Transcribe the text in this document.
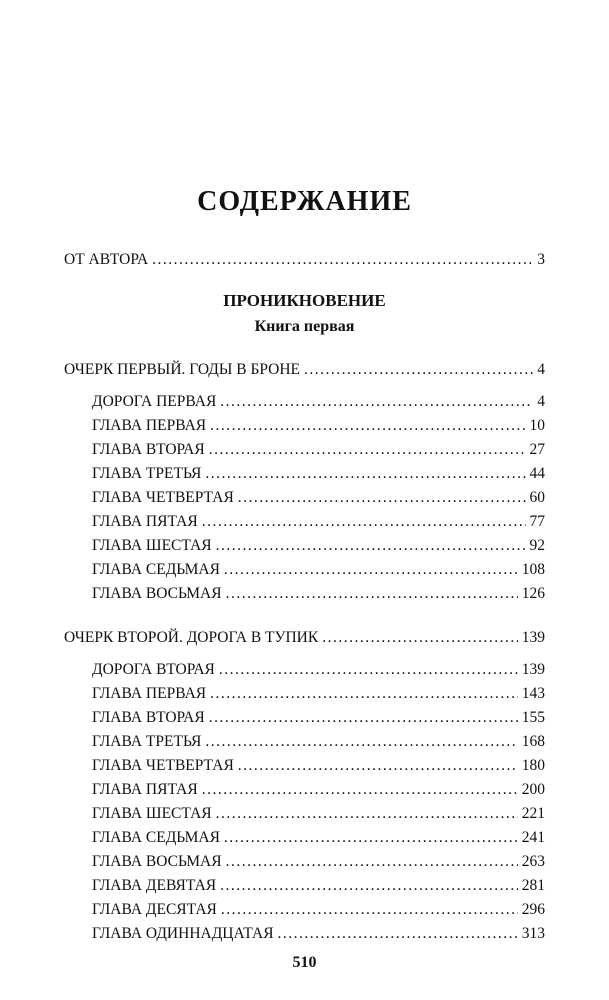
СОДЕРЖАНИЕ
ОТ АВТОРА .....	3
ПРОНИКНОВЕНИЕ
Книга первая
ОЧЕРК ПЕРВЫЙ. ГОДЫ В БРОНЕ .....	4
ДОРОГА ПЕРВАЯ .....	4
ГЛАВА ПЕРВАЯ .....	10
ГЛАВА ВТОРАЯ .....	27
ГЛАВА ТРЕТЬЯ .....	44
ГЛАВА ЧЕТВЕРТАЯ .....	60
ГЛАВА ПЯТАЯ .....	77
ГЛАВА ШЕСТАЯ .....	92
ГЛАВА СЕДЬМАЯ .....	108
ГЛАВА ВОСЬМАЯ .....	126
ОЧЕРК ВТОРОЙ. ДОРОГА В ТУПИК .....	139
ДОРОГА ВТОРАЯ .....	139
ГЛАВА ПЕРВАЯ .....	143
ГЛАВА ВТОРАЯ .....	155
ГЛАВА ТРЕТЬЯ .....	168
ГЛАВА ЧЕТВЕРТАЯ .....	180
ГЛАВА ПЯТАЯ .....	200
ГЛАВА ШЕСТАЯ .....	221
ГЛАВА СЕДЬМАЯ .....	241
ГЛАВА ВОСЬМАЯ .....	263
ГЛАВА ДЕВЯТАЯ .....	281
ГЛАВА ДЕСЯТАЯ .....	296
ГЛАВА ОДИННАДЦАТАЯ .....	313
510
